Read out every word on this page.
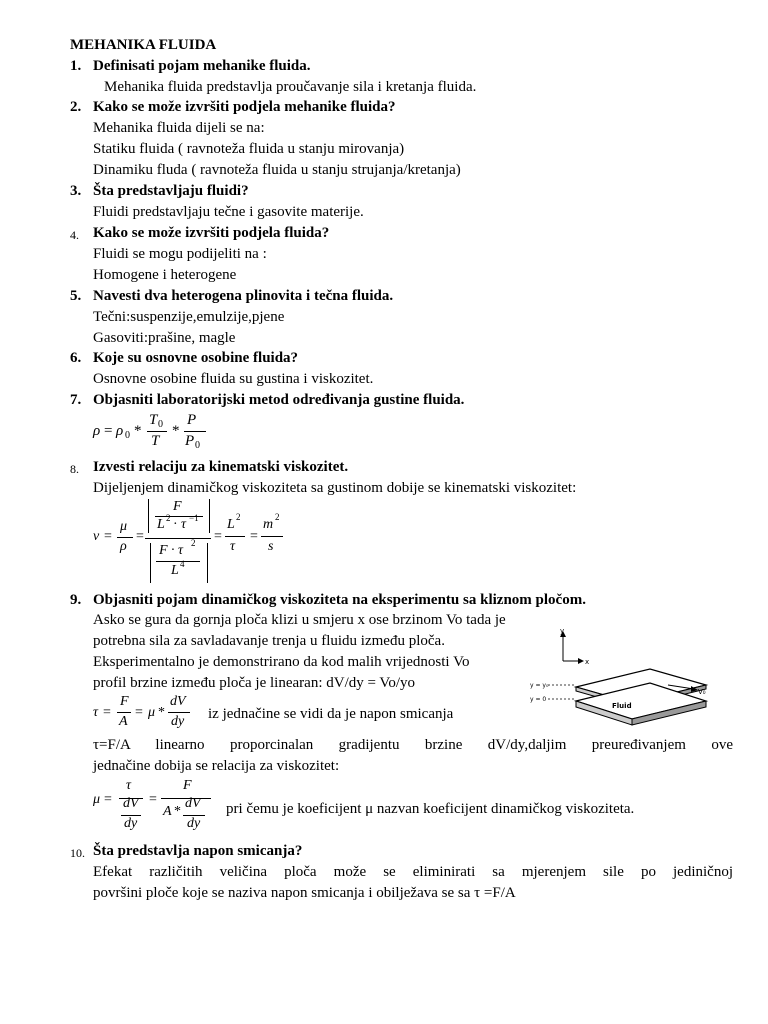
MEHANIKA FLUIDA
1. Definisati pojam mehanike fluida.
Mehanika fluida predstavlja proučavanje sila i kretanja fluida.
2. Kako se može izvršiti podjela mehanike fluida?
Mehanika fluida dijeli se na:
Statiku fluida ( ravnoteža fluida u stanju mirovanja)
Dinamiku fluda ( ravnoteža fluida u stanju strujanja/kretanja)
3. Šta predstavljaju fluidi?
Fluidi predstavljaju tečne i gasovite materije.
4. Kako se može izvršiti podjela fluida?
Fluidi se mogu podijeliti na :
Homogene i heterogene
5. Navesti dva heterogena plinovita i tečna fluida.
Tečni:suspenzije,emulzije,pjene
Gasoviti:prašine, magle
6. Koje su osnovne osobine fluida?
Osnovne osobine fluida su gustina i viskozitet.
7. Objasniti laboratorijski metod određivanja gustine fluida.
ρ = ρ 0 *
T 0
T
*
P
P 0
8. Izvesti relaciju za kinematski viskozitet.
Dijeljenjem dinamičkog viskoziteta sa gustinom dobije se kinematski viskozitet:
ν =
μ
ρ
=
F
L 2 · τ −1
F · τ 2
L 4
=
L 2
τ
=
m 2
s
9. Objasniti pojam dinamičkog viskoziteta na eksperimentu sa kliznom pločom.
Asko se gura da gornja ploča klizi u smjeru x ose brzinom Vo tada je
potrebna sila za savladavanje trenja u fluidu između ploča.
Eksperimentalno je demonstrirano da kod malih vrijednosti Vo
profil brzine između ploča je linearan: dV/dy = Vo/yo
τ =
F
A
= μ *
dV
dy iz jednačine se vidi da je napon smicanja
y
x
V₀
y = y₀
y = 0
Fluid
τ=F/A linearno proporcinalan gradijentu brzine dV/dy,daljim preuređivanjem ove
jednačine dobija se relacija za viskozitet:
μ =
τ
dV
dy
=
F
A *
dV
dy
pri čemu je koeficijent μ nazvan koeficijent dinamičkog viskoziteta.
10. Šta predstavlja napon smicanja?
Efekat različitih veličina ploča može se eliminirati sa mjerenjem sile po jediničnoj
površini ploče koje se naziva napon smicanja i obilježava se sa τ =F/A
